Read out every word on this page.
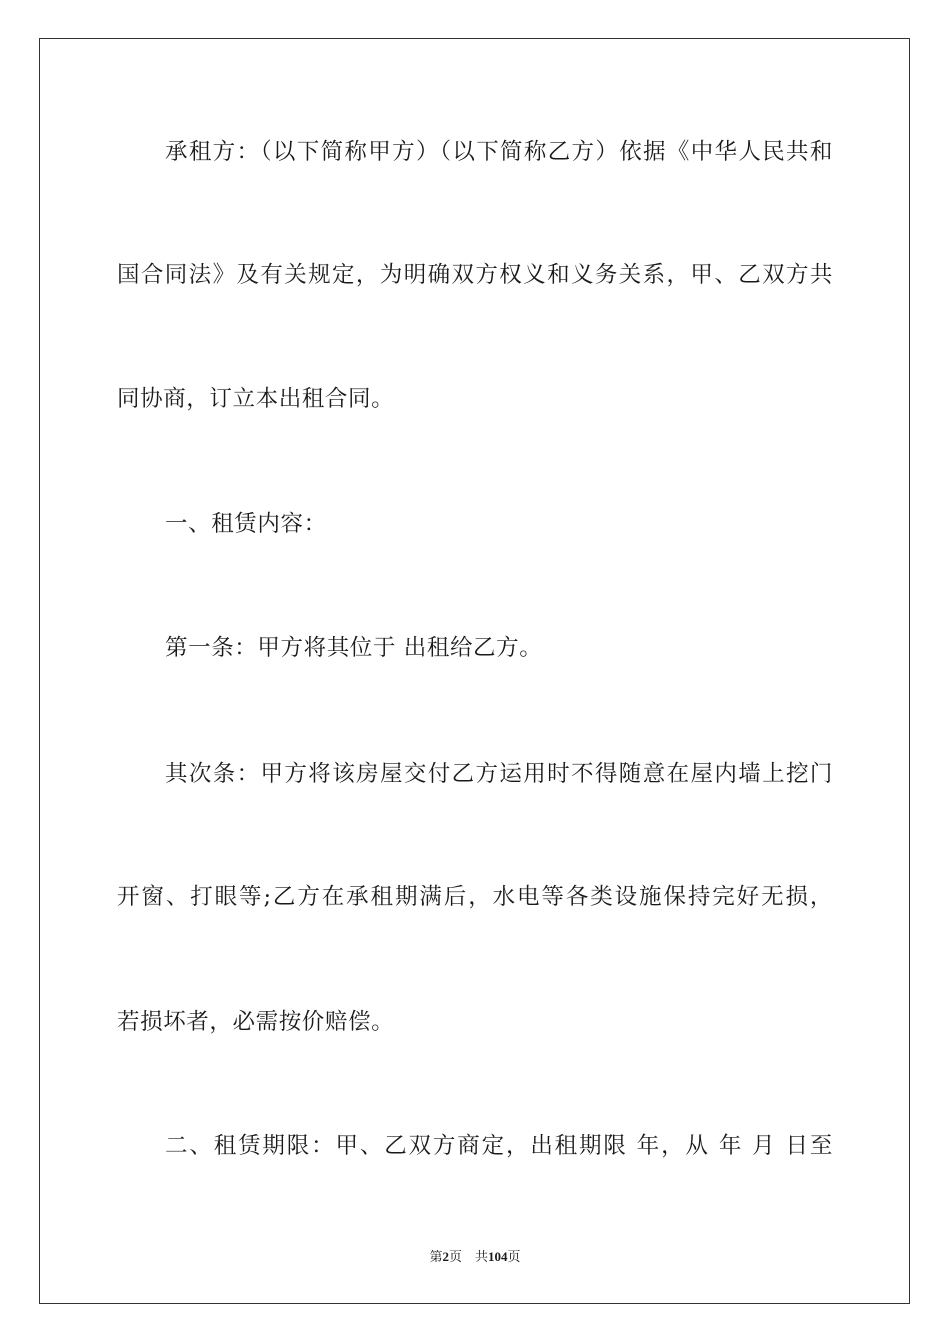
承租方：（以下简称甲方）（以下简称乙方）依据《中华人民共和
国合同法》及有关规定，为明确双方权义和义务关系，甲、乙双方共
同协商，订立本出租合同。
一、租赁内容：
第一条：甲方将其位于 出租给乙方。
其次条：甲方将该房屋交付乙方运用时不得随意在屋内墙上挖门
开窗、打眼等;乙方在承租期满后，水电等各类设施保持完好无损，
若损坏者，必需按价赔偿。
二、租赁期限：甲、乙双方商定，出租期限 年，从 年 月 日至
第2页　共104页
